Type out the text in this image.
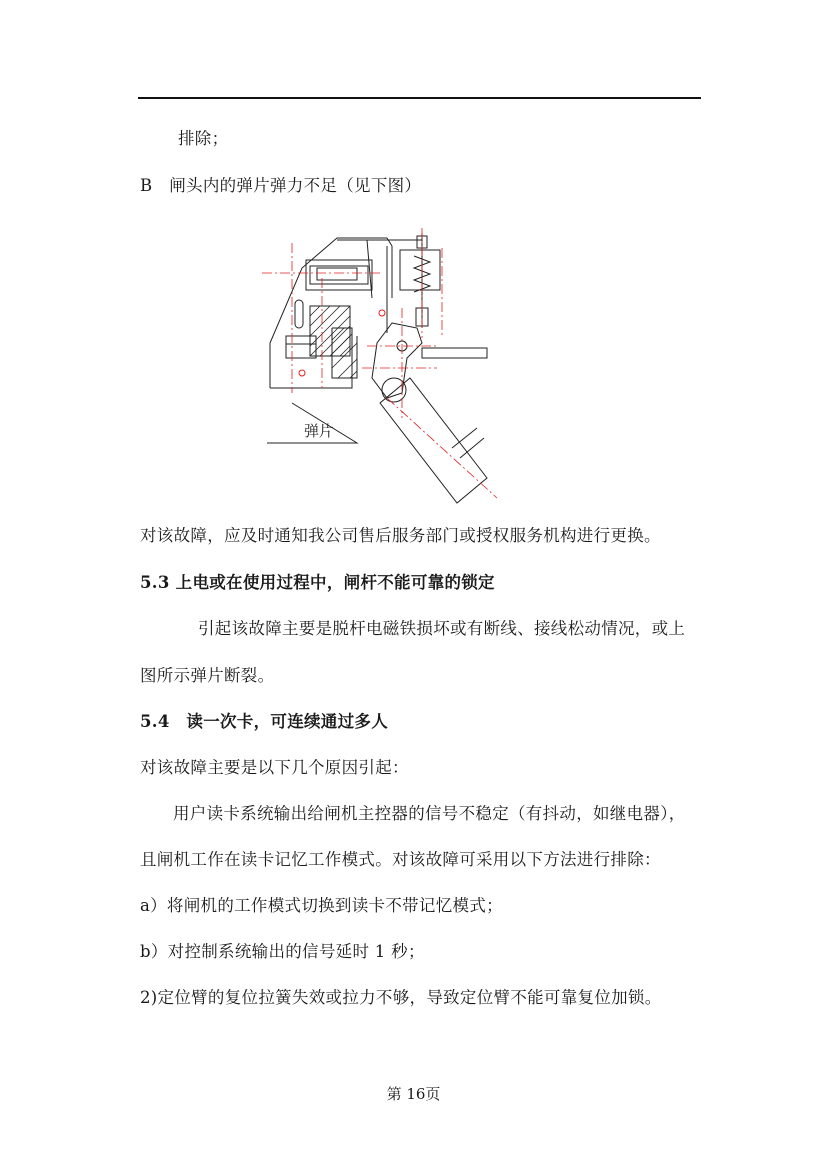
排除；
B　闸头内的弹片弹力不足（见下图）
弹片
对该故障，应及时通知我公司售后服务部门或授权服务机构进行更换。
5.3 上电或在使用过程中，闸杆不能可靠的锁定
引起该故障主要是脱杆电磁铁损坏或有断线、接线松动情况，或上
图所示弹片断裂。
5.4　读一次卡，可连续通过多人
对该故障主要是以下几个原因引起：
用户读卡系统输出给闸机主控器的信号不稳定（有抖动，如继电器），
且闸机工作在读卡记忆工作模式。对该故障可采用以下方法进行排除：
a）将闸机的工作模式切换到读卡不带记忆模式；
b）对控制系统输出的信号延时 1 秒；
2)定位臂的复位拉簧失效或拉力不够，导致定位臂不能可靠复位加锁。
第 16页
